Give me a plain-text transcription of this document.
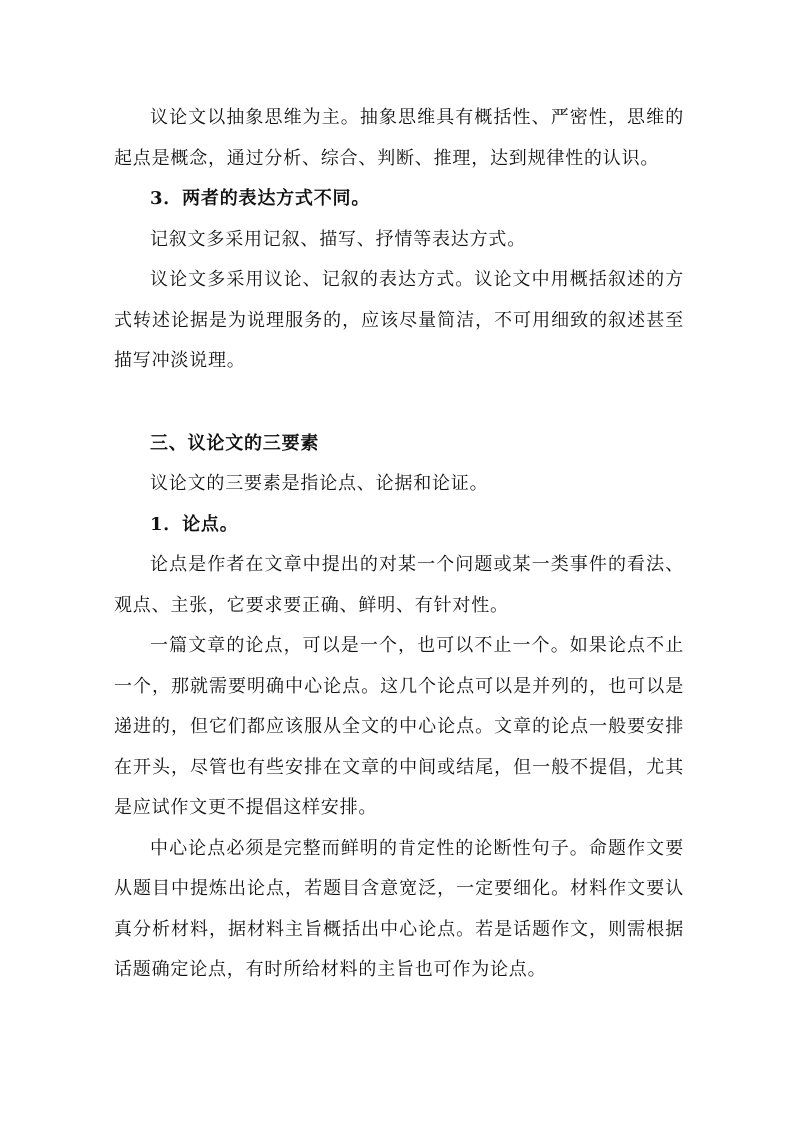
议论文以抽象思维为主。抽象思维具有概括性、严密性，思维的起点是概念，通过分析、综合、判断、推理，达到规律性的认识。

3．两者的表达方式不同。

记叙文多采用记叙、描写、抒情等表达方式。

议论文多采用议论、记叙的表达方式。议论文中用概括叙述的方式转述论据是为说理服务的，应该尽量简洁，不可用细致的叙述甚至描写冲淡说理。

三、议论文的三要素

议论文的三要素是指论点、论据和论证。

1．论点。

论点是作者在文章中提出的对某一个问题或某一类事件的看法、观点、主张，它要求要正确、鲜明、有针对性。

一篇文章的论点，可以是一个，也可以不止一个。如果论点不止一个，那就需要明确中心论点。这几个论点可以是并列的，也可以是递进的，但它们都应该服从全文的中心论点。文章的论点一般要安排在开头，尽管也有些安排在文章的中间或结尾，但一般不提倡，尤其是应试作文更不提倡这样安排。

中心论点必须是完整而鲜明的肯定性的论断性句子。命题作文要从题目中提炼出论点，若题目含意宽泛，一定要细化。材料作文要认真分析材料，据材料主旨概括出中心论点。若是话题作文，则需根据话题确定论点，有时所给材料的主旨也可作为论点。
